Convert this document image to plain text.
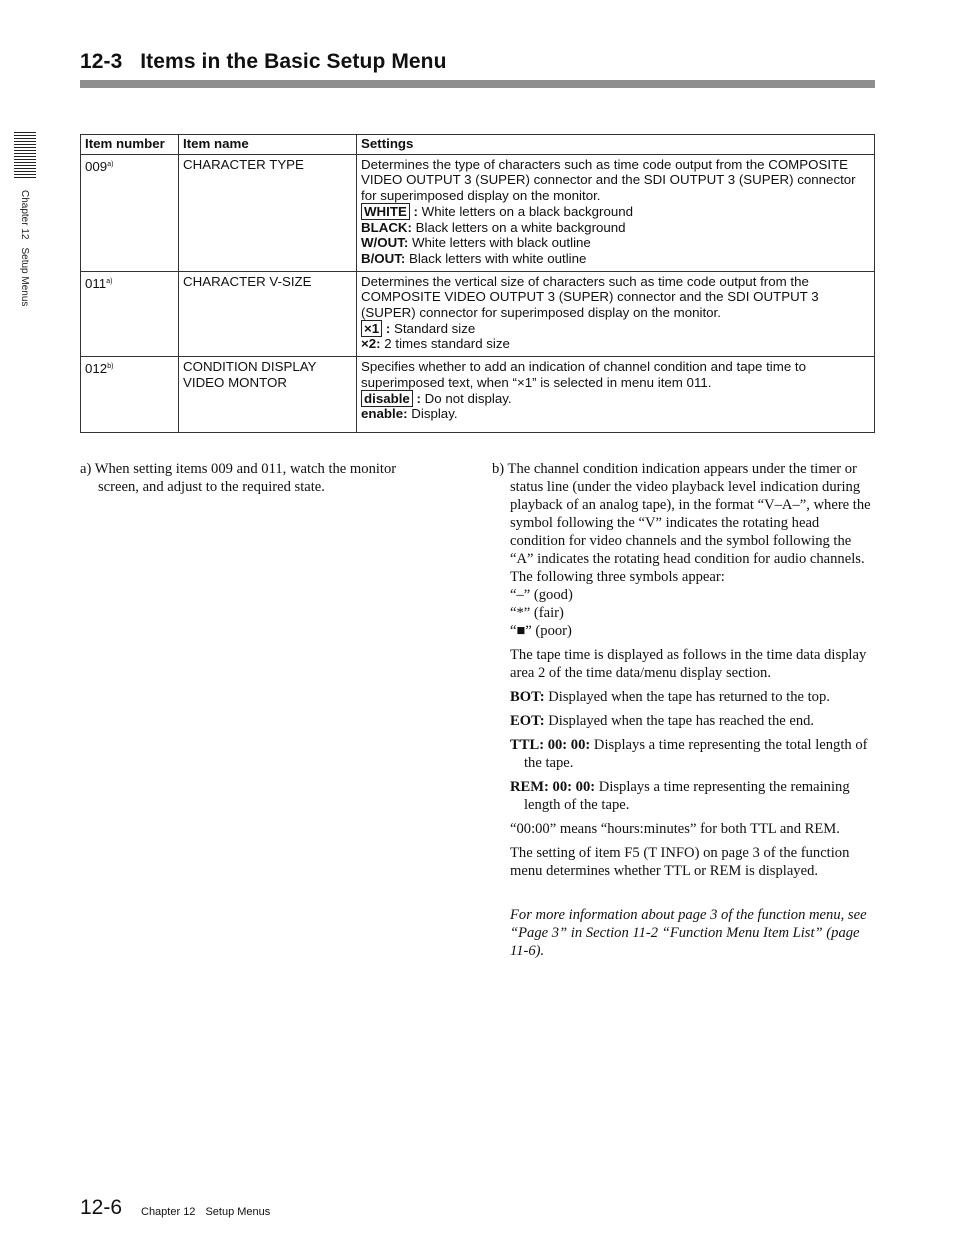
12-3 Items in the Basic Setup Menu
Chapter 12Setup Menus
Item number	Item name	Settings
009$^{a)}$	CHARACTER TYPE	Determines the type of characters such as time code output from the COMPOSITE VIDEO OUTPUT 3 (SUPER) connector and the SDI OUTPUT 3 (SUPER) connector for superimposed display on the monitor.
WHITE : White letters on a black background
BLACK: Black letters on a white background
W/OUT: White letters with black outline
B/OUT: Black letters with white outline

011$^{a)}$	CHARACTER V-SIZE	Determines the vertical size of characters such as time code output from the COMPOSITE VIDEO OUTPUT 3 (SUPER) connector and the SDI OUTPUT 3 (SUPER) connector for superimposed display on the monitor.
×1 : Standard size
×2: 2 times standard size

012$^{b)}$	CONDITION DISPLAY
VIDEO MONTOR	Specifies whether to add an indication of channel condition and tape time to superimposed text, when “×1” is selected in menu item 011.
disable : Do not display.
enable: Display.

a) When setting items 009 and 011, watch the monitor screen, and adjust to the required state.

b) The channel condition indication appears under the timer or status line (under the video playback level indication during playback of an analog tape), in the format “V–A–”, where the symbol following the “V” indicates the rotating head condition for video channels and the symbol following the “A” indicates the rotating head condition for audio channels.

The following three symbols appear:

“–” (good)

“*” (fair)

“■” (poor)

The tape time is displayed as follows in the time data display area 2 of the time data/menu display section.

BOT: Displayed when the tape has returned to the top.

EOT: Displayed when the tape has reached the end.

TTL: 00: 00: Displays a time representing the total length of the tape.

REM: 00: 00: Displays a time representing the remaining length of the tape.

“00:00” means “hours:minutes” for both TTL and REM.

The setting of item F5 (T INFO) on page 3 of the function menu determines whether TTL or REM is displayed.

For more information about page 3 of the function menu, see “Page 3” in Section 11-2 “Function Menu Item List” (page 11-6).

12-6 Chapter 12 Setup Menus
